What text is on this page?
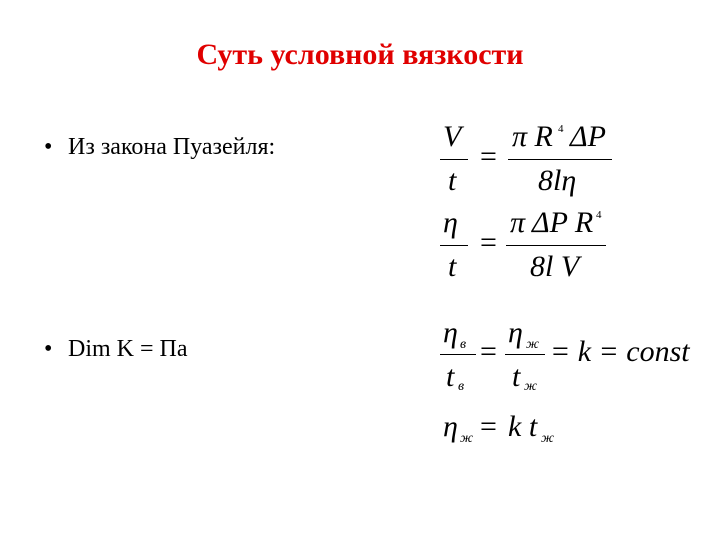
Суть условной вязкости
• Из закона Пуазейля:
• Dim K = Па
V
t
=
π R 4 ΔP
8lη
η
t
=
π ΔP R 4
8l V
η в
t в
=
η ж
t ж
= k = const
η ж = k t ж
